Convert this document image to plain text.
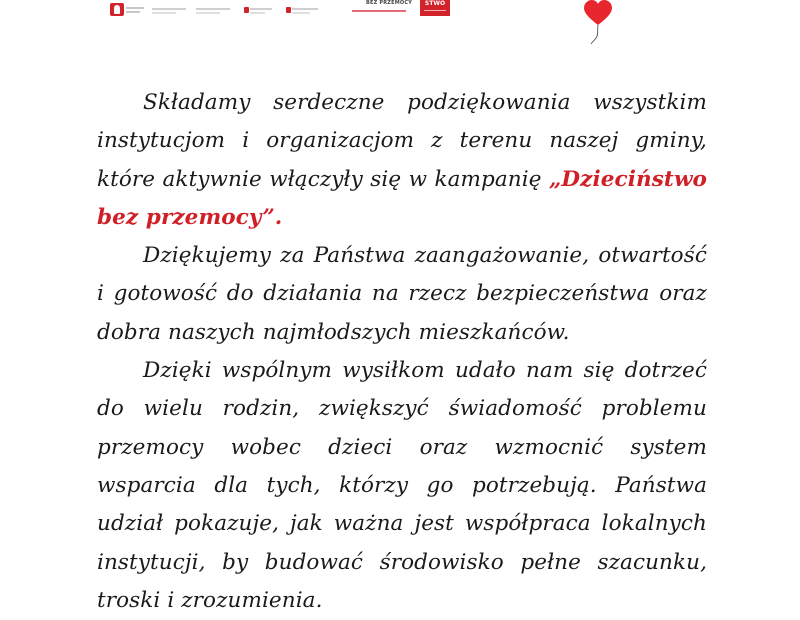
BEZ PRZEMOCY	STWO

Składamy serdeczne podziękowania wszystkim instytucjom i organizacjom z terenu naszej gminy, które aktywnie włączyły się w kampanię „Dzieciństwo bez przemocy”.

Dziękujemy za Państwa zaangażowanie, otwartość i gotowość do działania na rzecz bezpieczeństwa oraz dobra naszych najmłodszych mieszkańców.

Dzięki wspólnym wysiłkom udało nam się dotrzeć do wielu rodzin, zwiększyć świadomość problemu przemocy wobec dzieci oraz wzmocnić system wsparcia dla tych, którzy go potrzebują. Państwa udział pokazuje, jak ważna jest współpraca lokalnych instytucji, by budować środowisko pełne szacunku, troski i zrozumienia.
